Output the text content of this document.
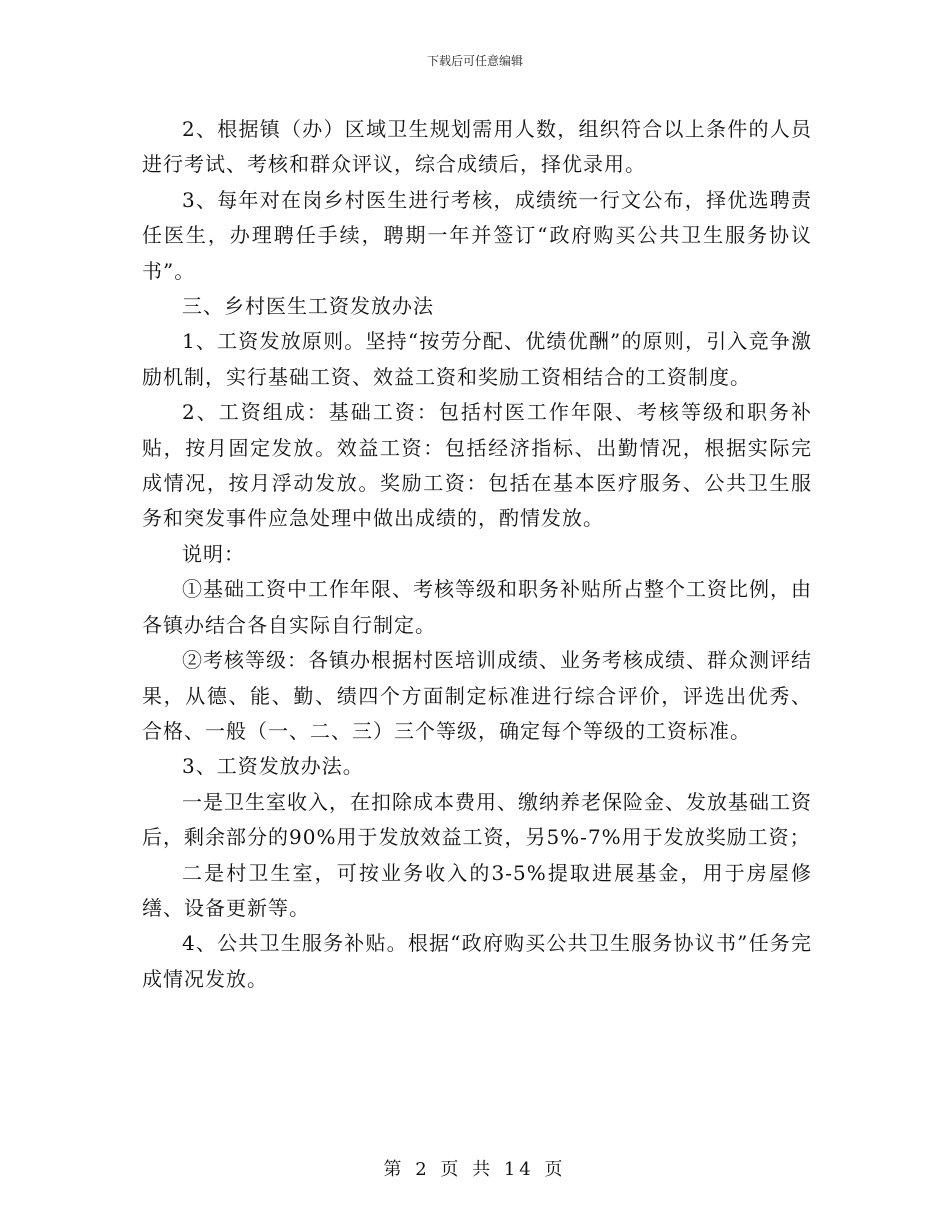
下载后可任意编辑

2、根据镇（办）区域卫生规划需用人数，组织符合以上条件的人员进行考试、考核和群众评议，综合成绩后，择优录用。

3、每年对在岗乡村医生进行考核，成绩统一行文公布，择优选聘责任医生，办理聘任手续，聘期一年并签订“政府购买公共卫生服务协议书”。

三、乡村医生工资发放办法

1、工资发放原则。坚持“按劳分配、优绩优酬”的原则，引入竞争激励机制，实行基础工资、效益工资和奖励工资相结合的工资制度。

2、工资组成：基础工资：包括村医工作年限、考核等级和职务补贴，按月固定发放。效益工资：包括经济指标、出勤情况，根据实际完成情况，按月浮动发放。奖励工资：包括在基本医疗服务、公共卫生服务和突发事件应急处理中做出成绩的，酌情发放。

说明：

①基础工资中工作年限、考核等级和职务补贴所占整个工资比例，由各镇办结合各自实际自行制定。

②考核等级：各镇办根据村医培训成绩、业务考核成绩、群众测评结果，从德、能、勤、绩四个方面制定标准进行综合评价，评选出优秀、合格、一般（一、二、三）三个等级，确定每个等级的工资标准。

3、工资发放办法。

一是卫生室收入，在扣除成本费用、缴纳养老保险金、发放基础工资后，剩余部分的90%用于发放效益工资，另5%-7%用于发放奖励工资；

二是村卫生室，可按业务收入的3-5%提取进展基金，用于房屋修缮、设备更新等。

4、公共卫生服务补贴。根据“政府购买公共卫生服务协议书”任务完成情况发放。

第 2 页 共 14 页
